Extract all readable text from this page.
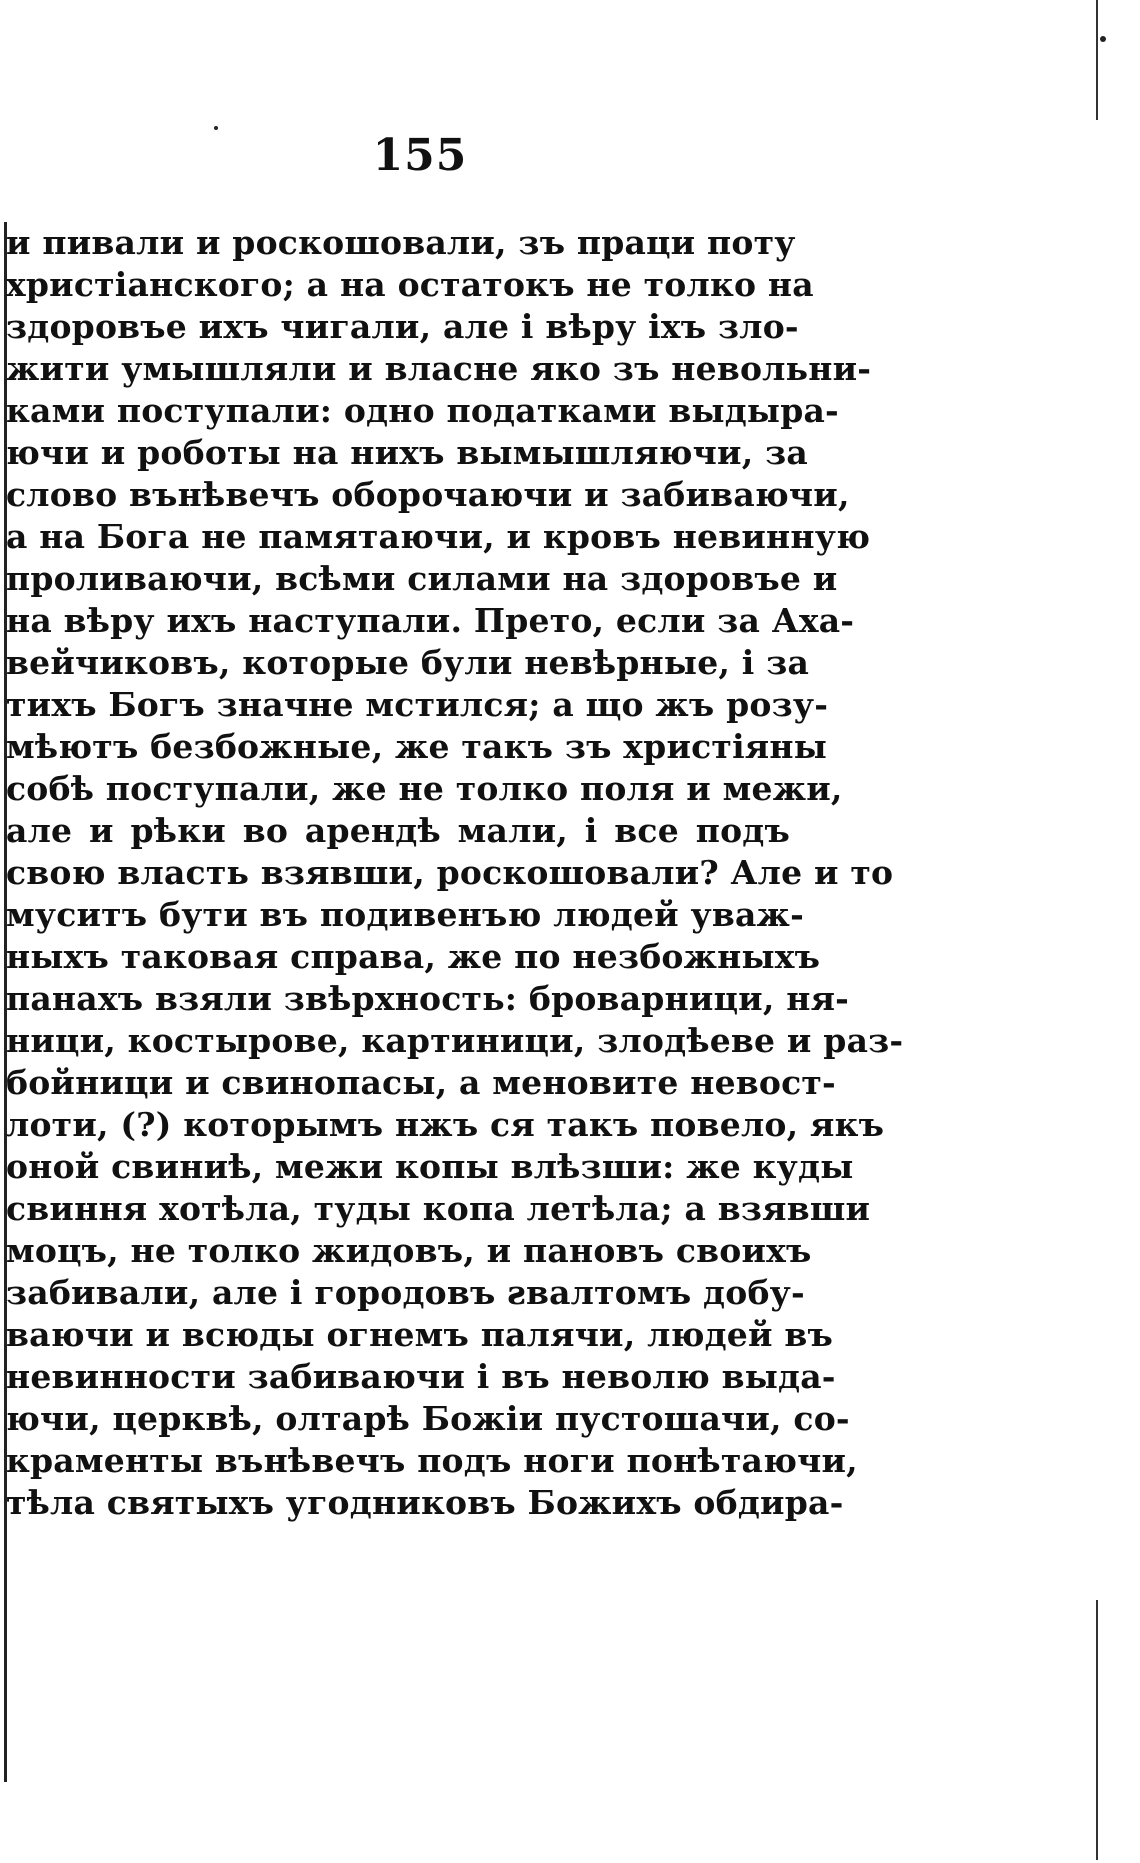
155
и пивали и роскошовали, зъ праци поту
христіанского; а на остатокъ не толко на
здоровъе ихъ чигали, але і вѣру іхъ зло-
жити умышляли и власне яко зъ невольни-
ками поступали: одно податками выдыра-
ючи и роботы на нихъ вымышляючи, за
слово вънѣвечъ оборочаючи и забиваючи,
а на Бога не памятаючи, и кровъ невинную
проливаючи, всѣми силами на здоровъе и
на вѣру ихъ наступали. Прето, если за Аха-
вейчиковъ, которые були невѣрные, і за
тихъ Богъ значне мстился; а що жъ розу-
мѣютъ безбожные, же такъ зъ христіяны
собѣ поступали, же не толко поля и межи,
але и рѣки во арендѣ мали, і все подъ
свою власть взявши, роскошовали? Але и то
муситъ бути въ подивенъю людей уваж-
ныхъ таковая справа, же по незбожныхъ
панахъ взяли звѣрхность: броварници, ня-
ници, костырове, картиници, злодѣеве и раз-
бойници и свинопасы, а меновите невост-
лоти, (?) которымъ нжъ ся такъ повело, якъ
оной свиниѣ, межи копы влѣзши: же куды
свиння хотѣла, туды копа летѣла; а взявши
моцъ, не толко жидовъ, и пановъ своихъ
забивали, але і городовъ ꙅвалтомъ добу-
ваючи и всюды огнемъ палячи, людей въ
невинности забиваючи і въ неволю выда-
ючи, церквѣ, олтарѣ Божіи пустошачи, со-
краменты вънѣвечъ подъ ноги понѣтаючи,
тѣла святыхъ угодниковъ Божихъ обдира-
